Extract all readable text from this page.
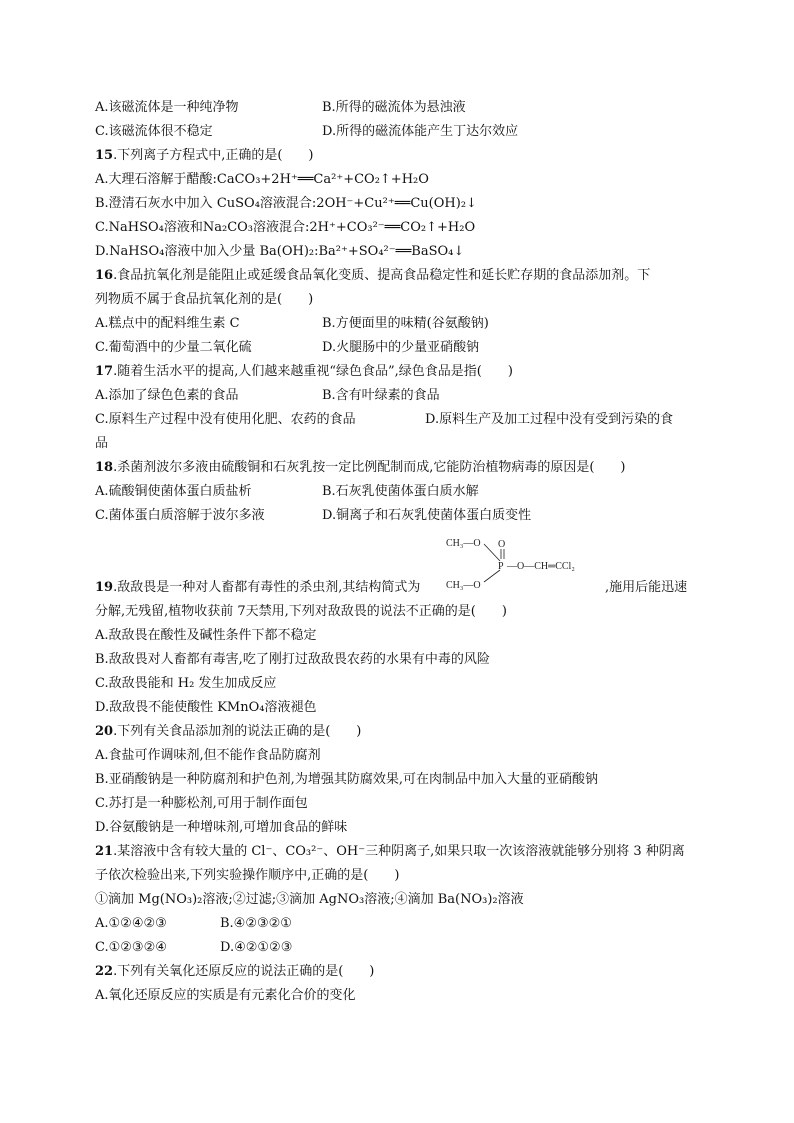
A.该磁流体是一种纯净物	B.所得的磁流体为悬浊液
C.该磁流体很不稳定	D.所得的磁流体能产生丁达尔效应
15.下列离子方程式中,正确的是(　　)
A.大理石溶解于醋酸:CaCO₃+2H⁺══Ca²⁺+CO₂↑+H₂O
B.澄清石灰水中加入 CuSO₄溶液混合:2OH⁻+Cu²⁺══Cu(OH)₂↓
C.NaHSO₄溶液和Na₂CO₃溶液混合:2H⁺+CO₃²⁻══CO₂↑+H₂O
D.NaHSO₄溶液中加入少量 Ba(OH)₂:Ba²⁺+SO₄²⁻══BaSO₄↓
16.食品抗氧化剂是能阻止或延缓食品氧化变质、提高食品稳定性和延长贮存期的食品添加剂。下
列物质不属于食品抗氧化剂的是(　　)
A.糕点中的配料维生素 C	B.方便面里的味精(谷氨酸钠)
C.葡萄酒中的少量二氧化硫	D.火腿肠中的少量亚硝酸钠
17.随着生活水平的提高,人们越来越重视“绿色食品”,绿色食品是指(　　)
A.添加了绿色色素的食品	B.含有叶绿素的食品
C.原料生产过程中没有使用化肥、农药的食品	D.原料生产及加工过程中没有受到污染的食
品
18.杀菌剂波尔多液由硫酸铜和石灰乳按一定比例配制而成,它能防治植物病毒的原因是(　　)
A.硫酸铜使菌体蛋白质盐析	B.石灰乳使菌体蛋白质水解
C.菌体蛋白质溶解于波尔多液	D.铜离子和石灰乳使菌体蛋白质变性
CH₃—O
CH₃—O
O
P —O—CH═CCl₂
19.敌敌畏是一种对人畜都有毒性的杀虫剂,其结构简式为	,施用后能迅速
分解,无残留,植物收获前 7天禁用,下列对敌敌畏的说法不正确的是(　　)
A.敌敌畏在酸性及碱性条件下都不稳定
B.敌敌畏对人畜都有毒害,吃了刚打过敌敌畏农药的水果有中毒的风险
C.敌敌畏能和 H₂ 发生加成反应
D.敌敌畏不能使酸性 KMnO₄溶液褪色
20.下列有关食品添加剂的说法正确的是(　　)
A.食盐可作调味剂,但不能作食品防腐剂
B.亚硝酸钠是一种防腐剂和护色剂,为增强其防腐效果,可在肉制品中加入大量的亚硝酸钠
C.苏打是一种膨松剂,可用于制作面包
D.谷氨酸钠是一种增味剂,可增加食品的鲜味
21.某溶液中含有较大量的 Cl⁻、CO₃²⁻、OH⁻三种阴离子,如果只取一次该溶液就能够分别将 3 种阴离
子依次检验出来,下列实验操作顺序中,正确的是(　　)
①滴加 Mg(NO₃)₂溶液;②过滤;③滴加 AgNO₃溶液;④滴加 Ba(NO₃)₂溶液
A.①②④②③	B.④②③②①
C.①②③②④	D.④②①②③
22.下列有关氧化还原反应的说法正确的是(　　)
A.氧化还原反应的实质是有元素化合价的变化
